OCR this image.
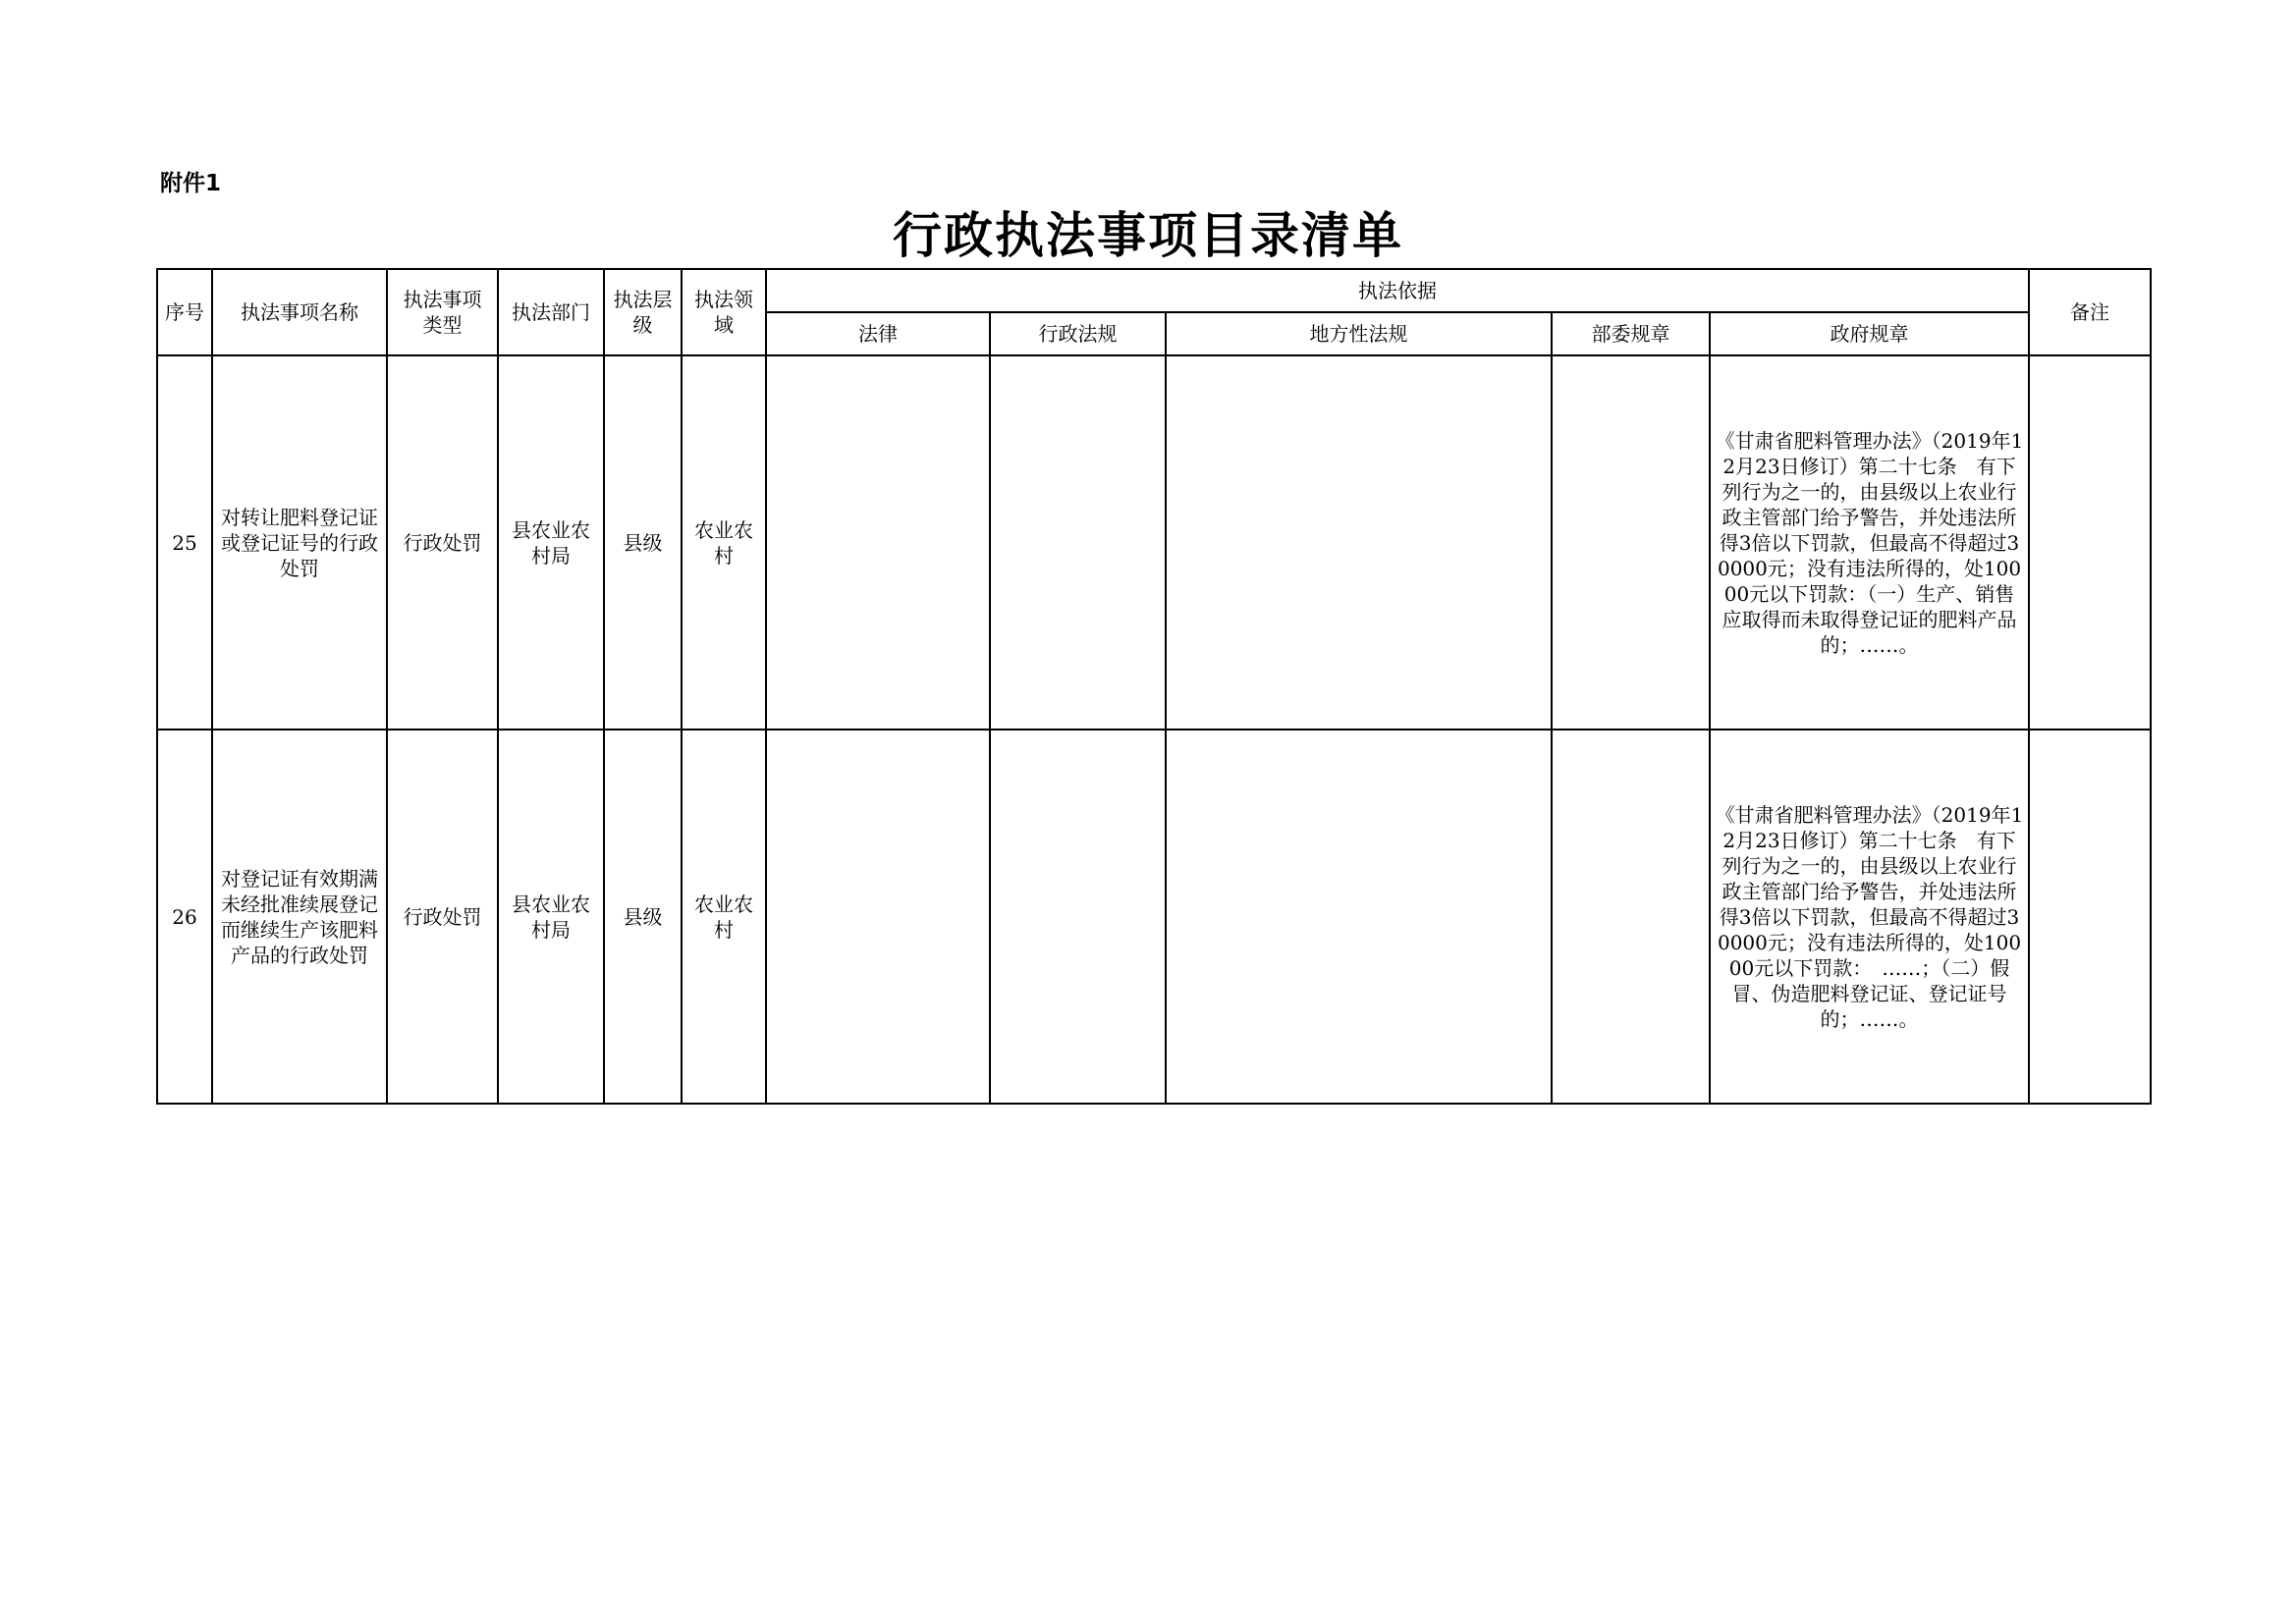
附件1
行政执法事项目录清单
序号	执法事项名称	执法事项类型	执法部门	执法层级	执法领域	执法依据					备注
						法律	行政法规	地方性法规	部委规章	政府规章	
25	对转让肥料登记证或登记证号的行政处罚	行政处罚	县农业农村局	县级	农业农村					《甘肃省肥料管理办法》（2019年12月23日修订）第二十七条　有下列行为之一的，由县级以上农业行政主管部门给予警告，并处违法所得3倍以下罚款，但最高不得超过30000元；没有违法所得的，处10000元以下罚款：（一）生产、销售应取得而未取得登记证的肥料产品的；……。	
26	对登记证有效期满未经批准续展登记而继续生产该肥料产品的行政处罚	行政处罚	县农业农村局	县级	农业农村					《甘肃省肥料管理办法》（2019年12月23日修订）第二十七条　有下列行为之一的，由县级以上农业行政主管部门给予警告，并处违法所得3倍以下罚款，但最高不得超过30000元；没有违法所得的，处10000元以下罚款：　……；（二）假冒、伪造肥料登记证、登记证号的；……。	
